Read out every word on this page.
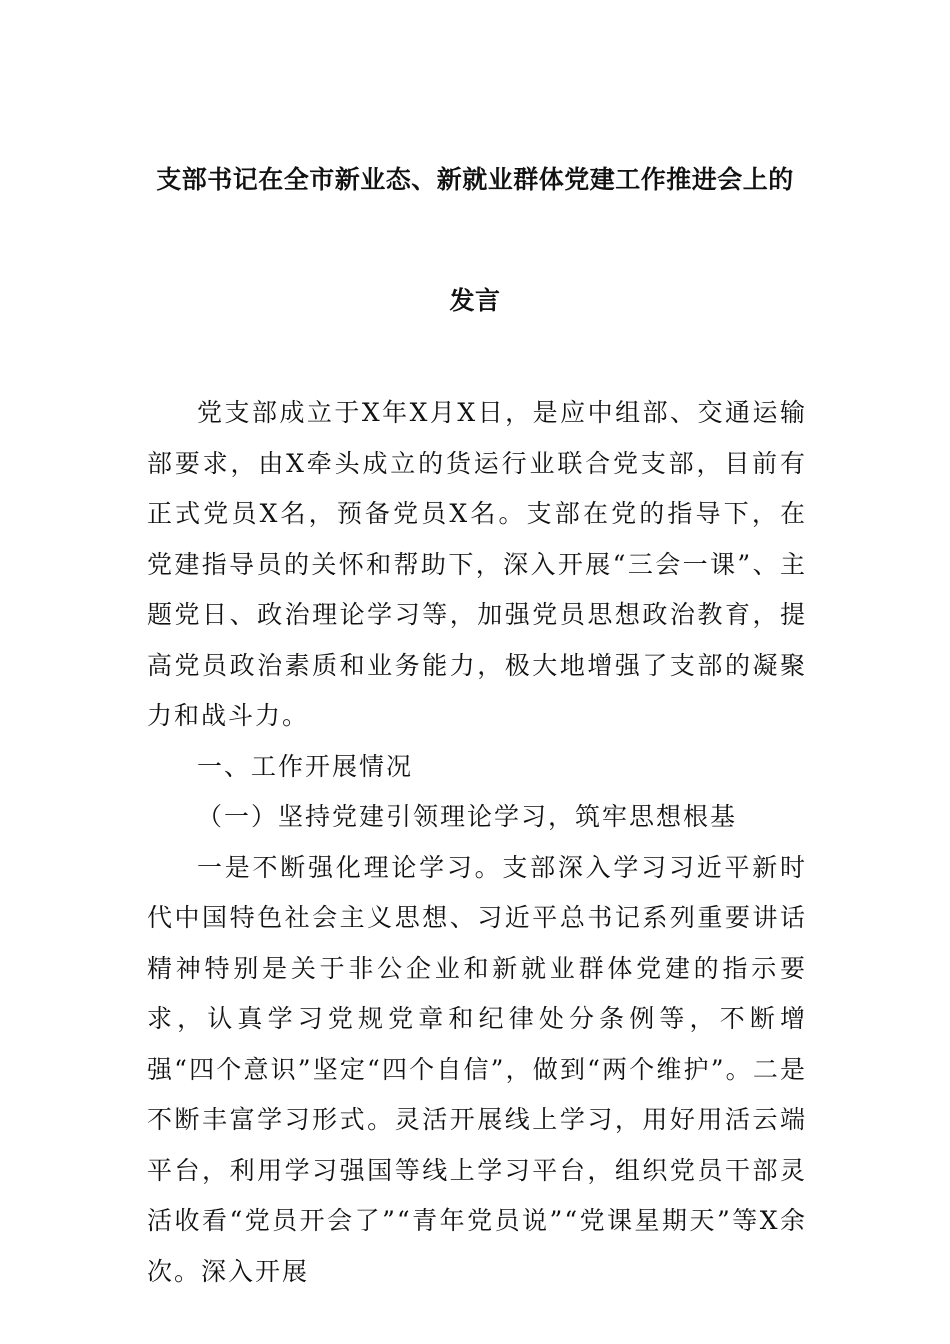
支部书记在全市新业态、新就业群体党建工作推进会上的
发言

党支部成立于X年X月X日，是应中组部、交通运输部要求，由X牵头成立的货运行业联合党支部，目前有正式党员X名，预备党员X名。支部在党的指导下，在党建指导员的关怀和帮助下，深入开展“三会一课”、主题党日、政治理论学习等，加强党员思想政治教育，提高党员政治素质和业务能力，极大地增强了支部的凝聚力和战斗力。

一、工作开展情况

（一）坚持党建引领理论学习，筑牢思想根基

一是不断强化理论学习。支部深入学习习近平新时代中国特色社会主义思想、习近平总书记系列重要讲话精神特别是关于非公企业和新就业群体党建的指示要求，认真学习党规党章和纪律处分条例等，不断增强“四个意识”坚定“四个自信”，做到“两个维护”。二是不断丰富学习形式。灵活开展线上学习，用好用活云端平台，利用学习强国等线上学习平台，组织党员干部灵活收看“党员开会了”“青年党员说”“党课星期天”等X余次。深入开展
